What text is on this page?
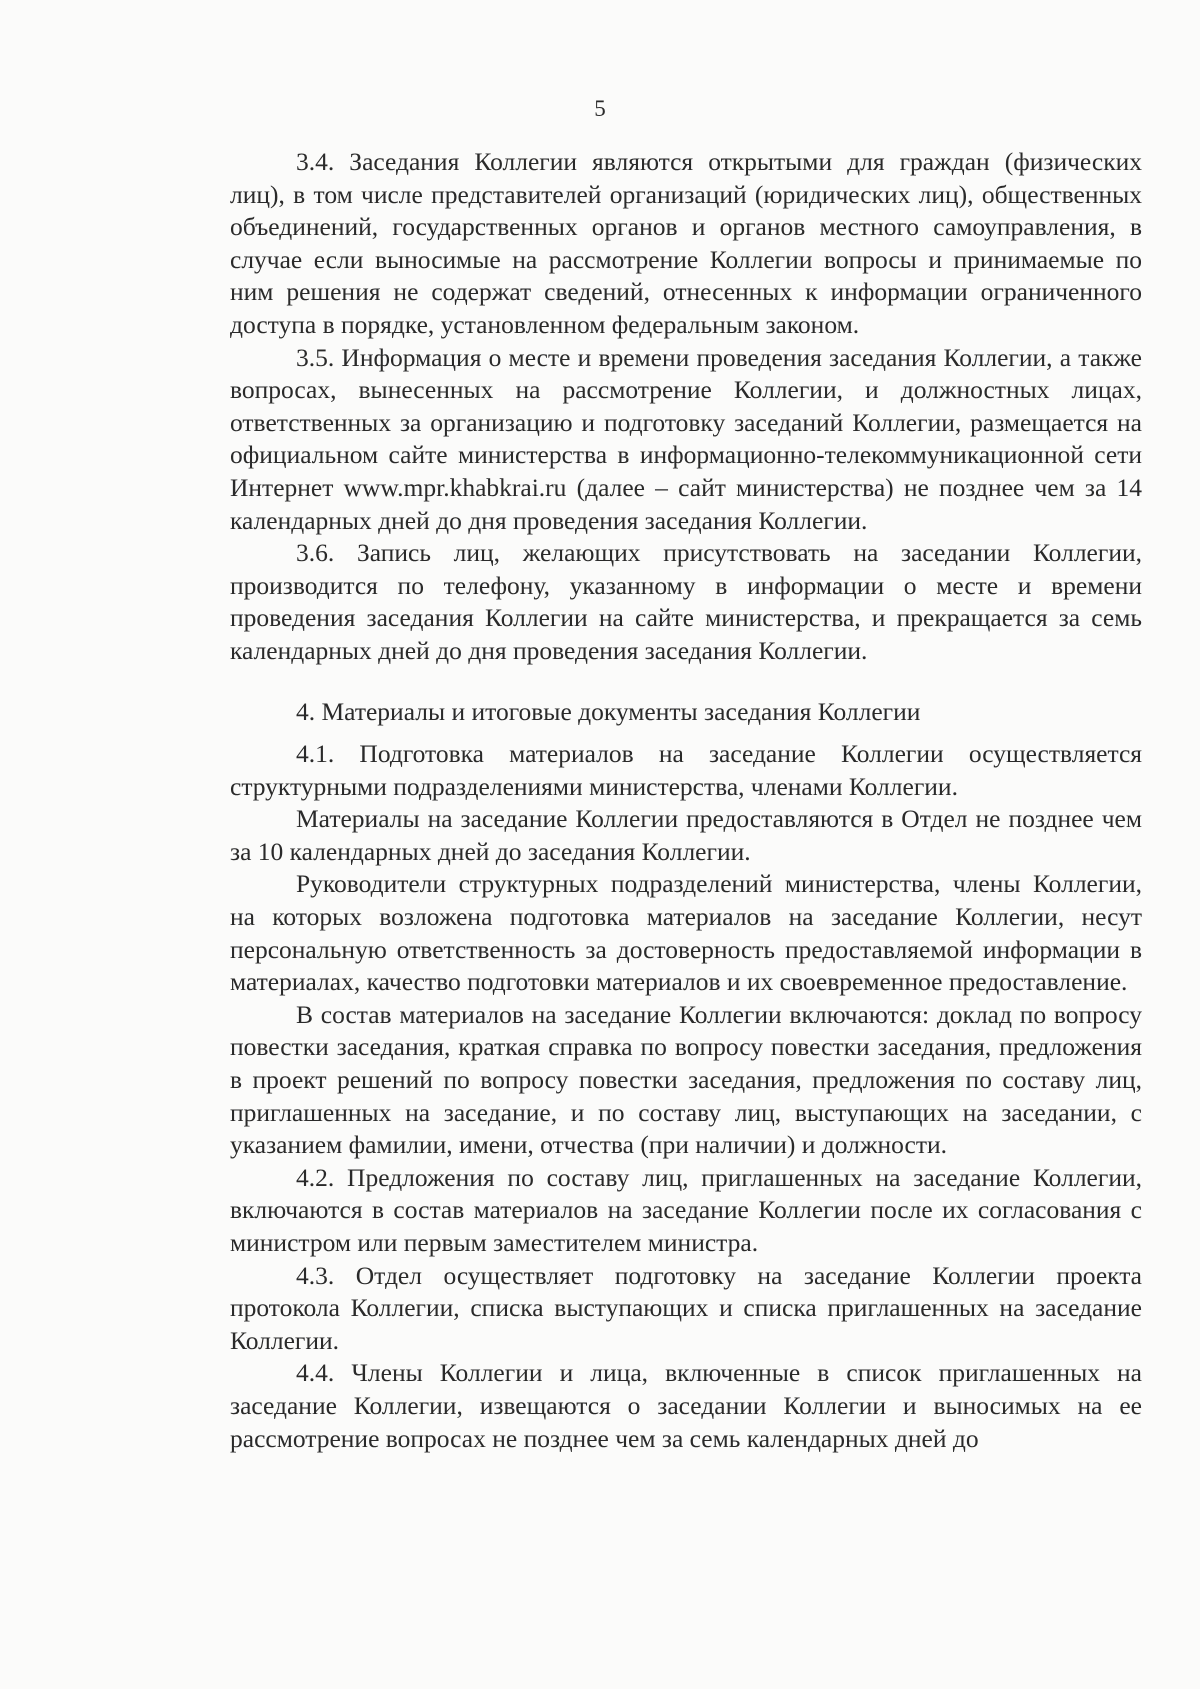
5

3.4. Заседания Коллегии являются открытыми для граждан (физических лиц), в том числе представителей организаций (юридических лиц), общественных объединений, государственных органов и органов местного самоуправления, в случае если выносимые на рассмотрение Коллегии вопросы и принимаемые по ним решения не содержат сведений, отнесенных к информации ограниченного доступа в порядке, установленном федеральным законом.

3.5. Информация о месте и времени проведения заседания Коллегии, а также вопросах, вынесенных на рассмотрение Коллегии, и должностных лицах, ответственных за организацию и подготовку заседаний Коллегии, размещается на официальном сайте министерства в информационно-телекоммуникационной сети Интернет www.mpr.khabkrai.ru (далее – сайт министерства) не позднее чем за 14 календарных дней до дня проведения заседания Коллегии.

3.6. Запись лиц, желающих присутствовать на заседании Коллегии, производится по телефону, указанному в информации о месте и времени проведения заседания Коллегии на сайте министерства, и прекращается за семь календарных дней до дня проведения заседания Коллегии.

4. Материалы и итоговые документы заседания Коллегии

4.1. Подготовка материалов на заседание Коллегии осуществляется структурными подразделениями министерства, членами Коллегии.

Материалы на заседание Коллегии предоставляются в Отдел не позднее чем за 10 календарных дней до заседания Коллегии.

Руководители структурных подразделений министерства, члены Коллегии, на которых возложена подготовка материалов на заседание Коллегии, несут персональную ответственность за достоверность предоставляемой информации в материалах, качество подготовки материалов и их своевременное предоставление.

В состав материалов на заседание Коллегии включаются: доклад по вопросу повестки заседания, краткая справка по вопросу повестки заседания, предложения в проект решений по вопросу повестки заседания, предложения по составу лиц, приглашенных на заседание, и по составу лиц, выступающих на заседании, с указанием фамилии, имени, отчества (при наличии) и должности.

4.2. Предложения по составу лиц, приглашенных на заседание Коллегии, включаются в состав материалов на заседание Коллегии после их согласования с министром или первым заместителем министра.

4.3. Отдел осуществляет подготовку на заседание Коллегии проекта протокола Коллегии, списка выступающих и списка приглашенных на заседание Коллегии.

4.4. Члены Коллегии и лица, включенные в список приглашенных на заседание Коллегии, извещаются о заседании Коллегии и выносимых на ее рассмотрение вопросах не позднее чем за семь календарных дней до
